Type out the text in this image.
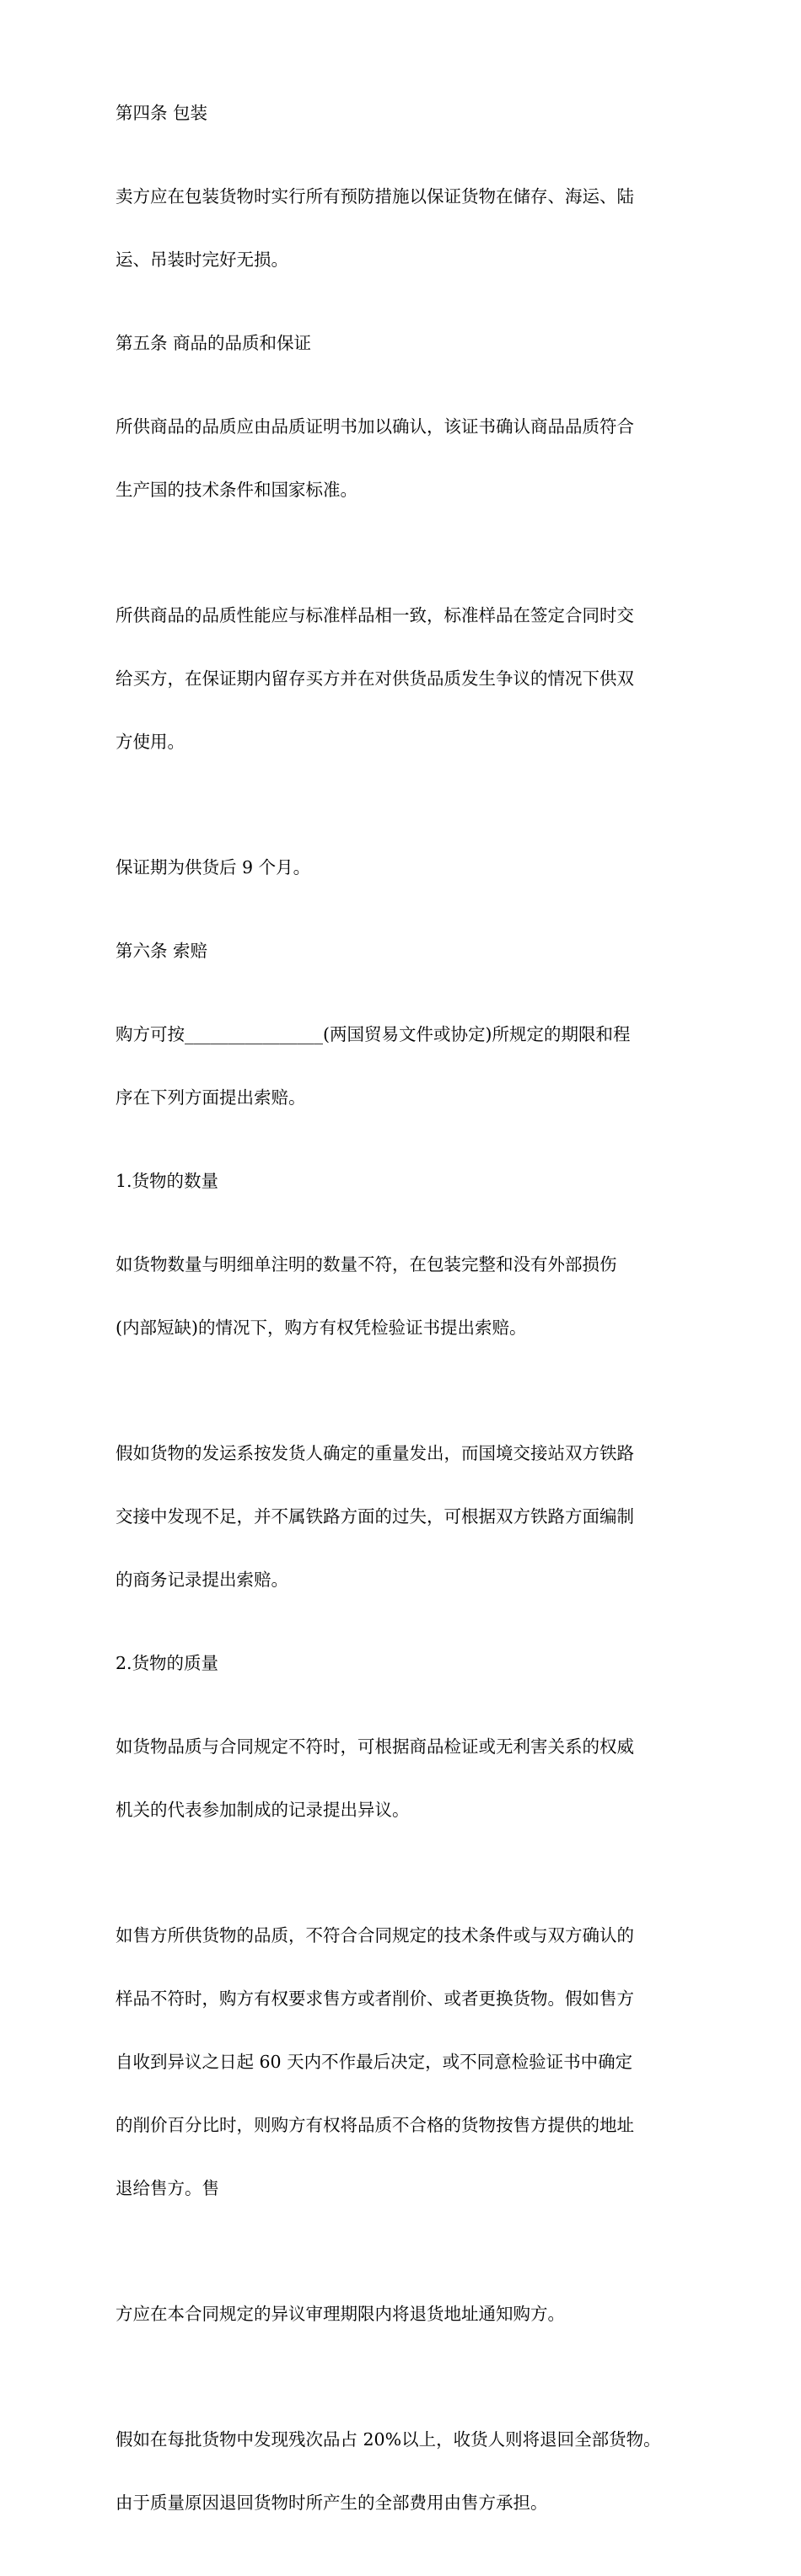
第四条 包装

卖方应在包装货物时实行所有预防措施以保证货物在储存、海运、陆

运、吊装时完好无损。

第五条 商品的品质和保证

所供商品的品质应由品质证明书加以确认，该证书确认商品品质符合

生产国的技术条件和国家标准。

所供商品的品质性能应与标准样品相一致，标准样品在签定合同时交

给买方，在保证期内留存买方并在对供货品质发生争议的情况下供双

方使用。

保证期为供货后 9 个月。

第六条 索赔

购方可按________________(两国贸易文件或协定)所规定的期限和程

序在下列方面提出索赔。

1.货物的数量

如货物数量与明细单注明的数量不符，在包装完整和没有外部损伤

(内部短缺)的情况下，购方有权凭检验证书提出索赔。

假如货物的发运系按发货人确定的重量发出，而国境交接站双方铁路

交接中发现不足，并不属铁路方面的过失，可根据双方铁路方面编制

的商务记录提出索赔。

2.货物的质量

如货物品质与合同规定不符时，可根据商品检证或无利害关系的权威

机关的代表参加制成的记录提出异议。

如售方所供货物的品质，不符合合同规定的技术条件或与双方确认的

样品不符时，购方有权要求售方或者削价、或者更换货物。假如售方

自收到异议之日起 60 天内不作最后决定，或不同意检验证书中确定

的削价百分比时，则购方有权将品质不合格的货物按售方提供的地址

退给售方。售

方应在本合同规定的异议审理期限内将退货地址通知购方。

假如在每批货物中发现残次品占 20%以上，收货人则将退回全部货物。

由于质量原因退回货物时所产生的全部费用由售方承担。
